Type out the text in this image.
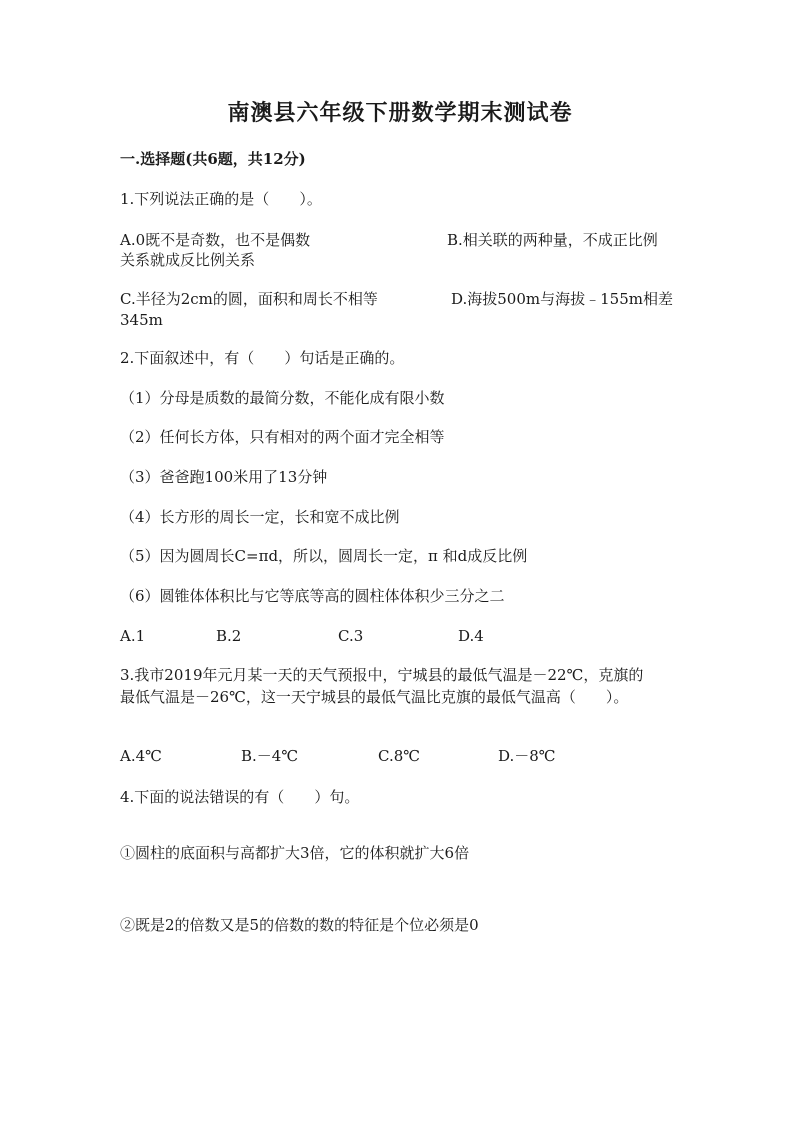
南澳县六年级下册数学期末测试卷
一.选择题(共6题，共12分)
1.下列说法正确的是（　　）。
A.0既不是奇数，也不是偶数	B.相关联的两种量，不成正比例
关系就成反比例关系
C.半径为2cm的圆，面积和周长不相等	D.海拔500m与海拔﹣155m相差
345m
2.下面叙述中，有（　　）句话是正确的。
（1）分母是质数的最简分数，不能化成有限小数
（2）任何长方体，只有相对的两个面才完全相等
（3）爸爸跑100米用了13分钟
（4）长方形的周长一定，长和宽不成比例
（5）因为圆周长C=πd，所以，圆周长一定，π 和d成反比例
（6）圆锥体体积比与它等底等高的圆柱体体积少三分之二
A.1	B.2	C.3	D.4
3.我市2019年元月某一天的天气预报中，宁城县的最低气温是－22℃，克旗的
最低气温是－26℃，这一天宁城县的最低气温比克旗的最低气温高（　　）。
A.4℃	B.－4℃	C.8℃	D.－8℃
4.下面的说法错误的有（　　）句。
①圆柱的底面积与高都扩大3倍，它的体积就扩大6倍
②既是2的倍数又是5的倍数的数的特征是个位必须是0
